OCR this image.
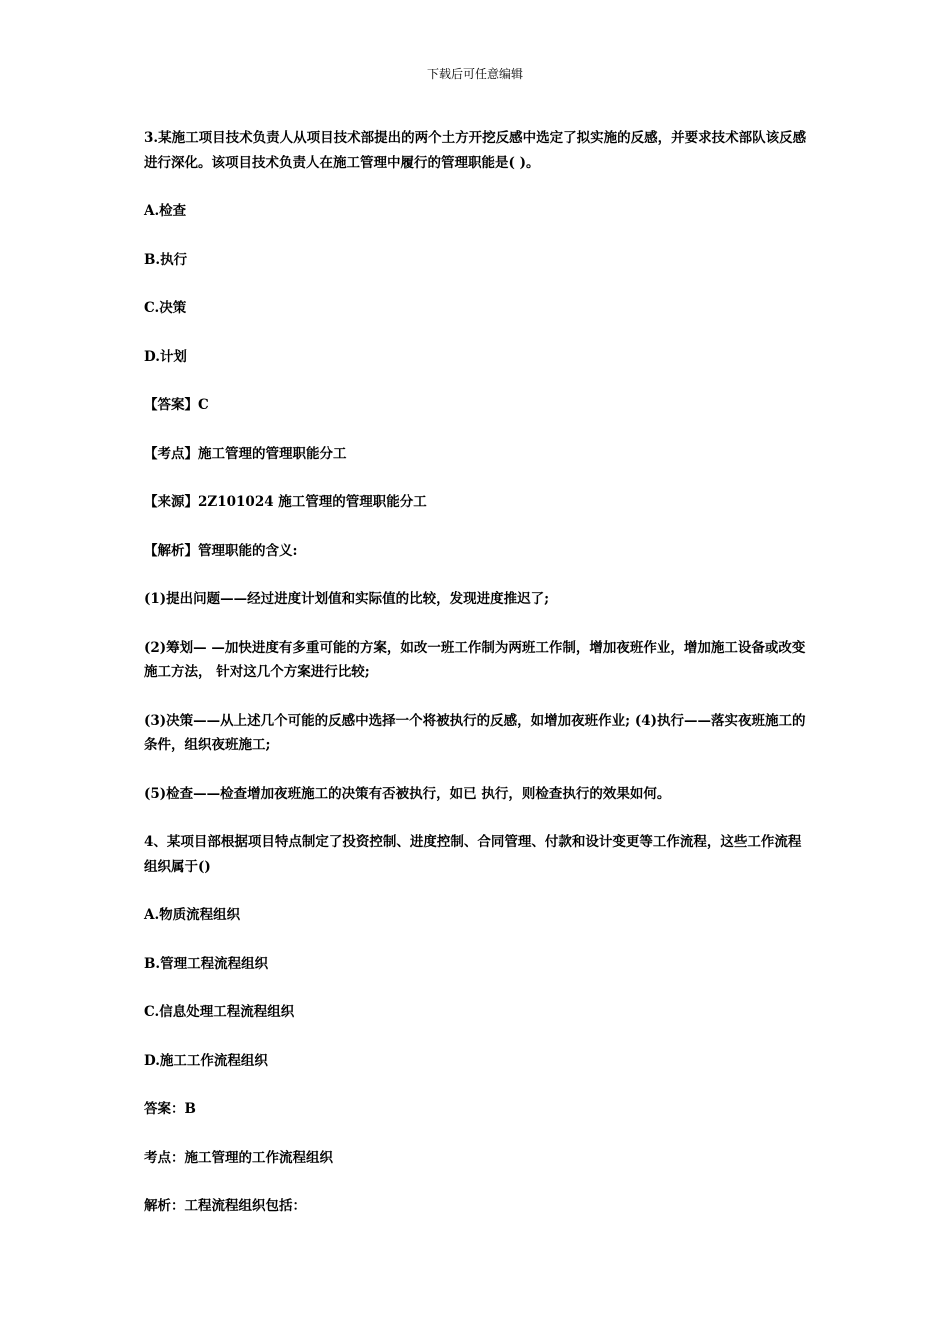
下载后可任意编辑

3.某施工项目技术负责人从项目技术部提出的两个土方开挖反感中选定了拟实施的反感，并要求技术部队该反感 进行深化。该项目技术负责人在施工管理中履行的管理职能是( )。

A.检查

B.执行

C.决策

D.计划

【答案】C

【考点】施工管理的管理职能分工

【来源】2Z101024 施工管理的管理职能分工

【解析】管理职能的含义:

(1)提出问题——经过进度计划值和实际值的比较，发现进度推迟了;

(2)筹划— —加快进度有多重可能的方案，如改一班工作制为两班工作制，增加夜班作业，增加施工设备或改变施工方法， 针对这几个方案进行比较;

(3)决策——从上述几个可能的反感中选择一个将被执行的反感，如增加夜班作业; (4)执行——落实夜班施工的条件，组织夜班施工;

(5)检查——检查增加夜班施工的决策有否被执行，如已 执行，则检查执行的效果如何。

4、某项目部根据项目特点制定了投资控制、进度控制、合同管理、付款和设计变更等工作流程，这些工作流程组织属于()

A.物质流程组织

B.管理工程流程组织

C.信息处理工程流程组织

D.施工工作流程组织

答案：B

考点：施工管理的工作流程组织

解析：工程流程组织包括：
